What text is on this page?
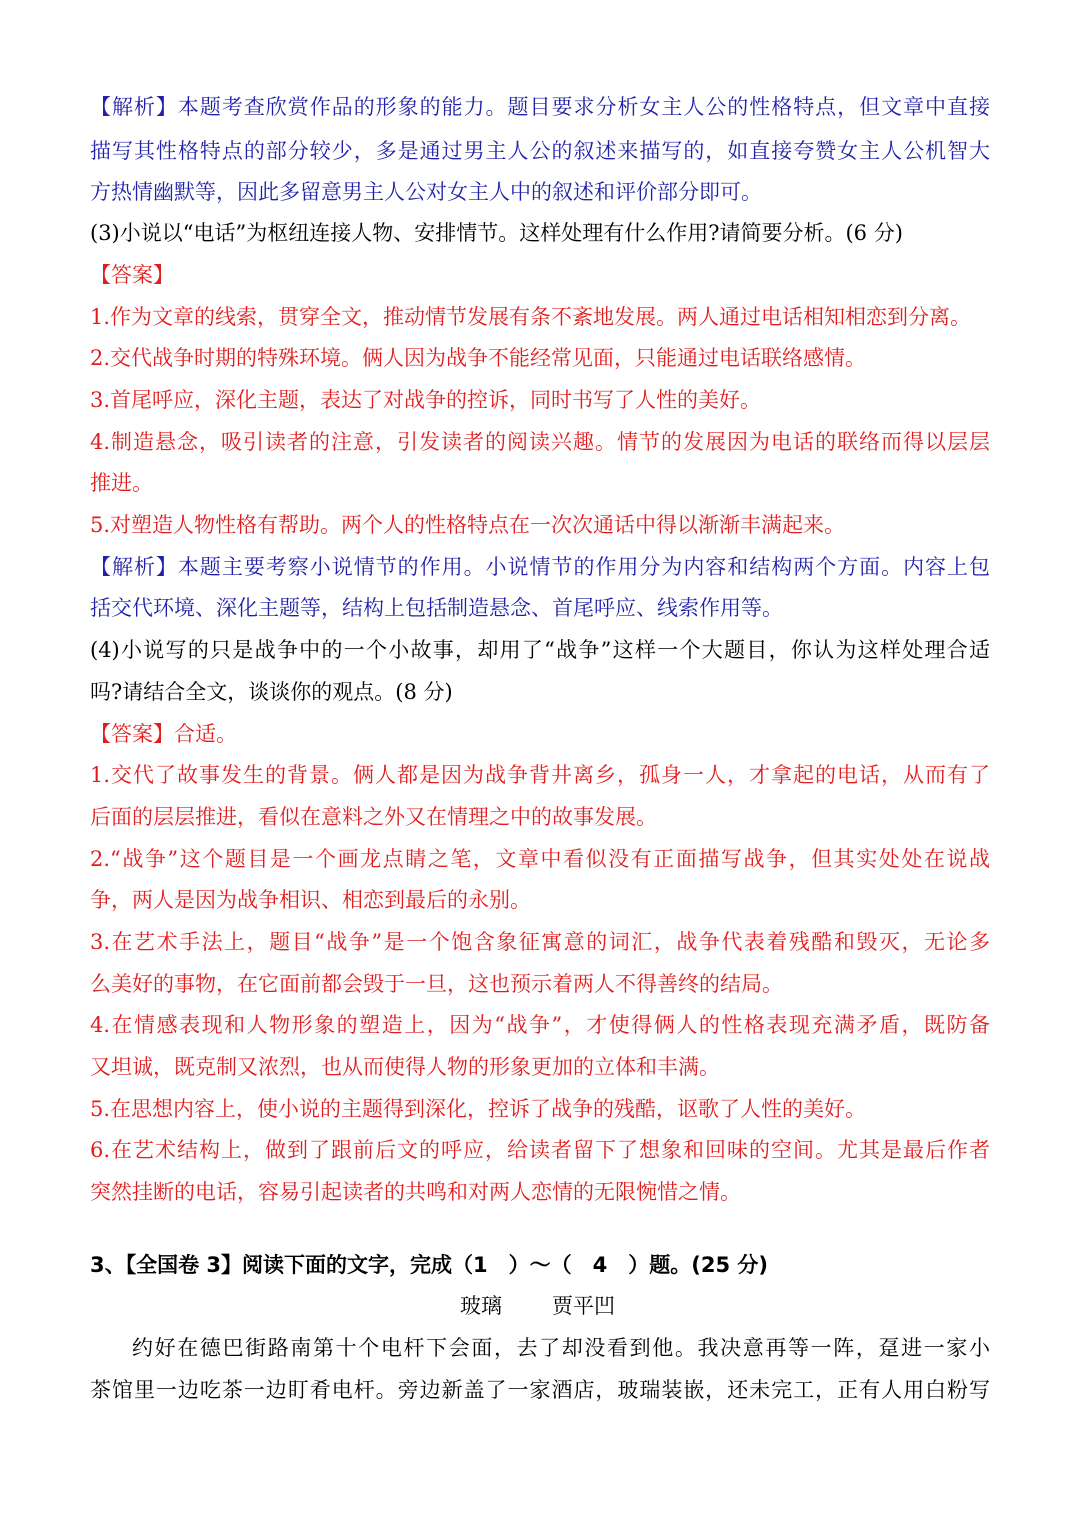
【解析】本题考查欣赏作品的形象的能力。题目要求分析女主人公的性格特点，但文章中直接
描写其性格特点的部分较少，多是通过男主人公的叙述来描写的，如直接夸赞女主人公机智大
方热情幽默等，因此多留意男主人公对女主人中的叙述和评价部分即可。
(3)小说以“电话”为枢纽连接人物、安排情节。这样处理有什么作用?请简要分析。(6 分)
【答案】
1.作为文章的线索，贯穿全文，推动情节发展有条不紊地发展。两人通过电话相知相恋到分离。
2.交代战争时期的特殊环境。俩人因为战争不能经常见面，只能通过电话联络感情。
3.首尾呼应，深化主题，表达了对战争的控诉，同时书写了人性的美好。
4.制造悬念，吸引读者的注意，引发读者的阅读兴趣。情节的发展因为电话的联络而得以层层
推进。
5.对塑造人物性格有帮助。两个人的性格特点在一次次通话中得以渐渐丰满起来。
【解析】本题主要考察小说情节的作用。小说情节的作用分为内容和结构两个方面。内容上包
括交代环境、深化主题等，结构上包括制造悬念、首尾呼应、线索作用等。
(4)小说写的只是战争中的一个小故事，却用了“战争”这样一个大题目，你认为这样处理合适
吗?请结合全文，谈谈你的观点。(8 分)
【答案】合适。
1.交代了故事发生的背景。俩人都是因为战争背井离乡，孤身一人，才拿起的电话，从而有了
后面的层层推进，看似在意料之外又在情理之中的故事发展。
2.“战争”这个题目是一个画龙点睛之笔，文章中看似没有正面描写战争，但其实处处在说战
争，两人是因为战争相识、相恋到最后的永别。
3.在艺术手法上，题目“战争”是一个饱含象征寓意的词汇，战争代表着残酷和毁灭，无论多
么美好的事物，在它面前都会毁于一旦，这也预示着两人不得善终的结局。
4.在情感表现和人物形象的塑造上，因为“战争”，才使得俩人的性格表现充满矛盾，既防备
又坦诚，既克制又浓烈，也从而使得人物的形象更加的立体和丰满。
5.在思想内容上，使小说的主题得到深化，控诉了战争的残酷，讴歌了人性的美好。
6.在艺术结构上，做到了跟前后文的呼应，给读者留下了想象和回味的空间。尤其是最后作者
突然挂断的电话，容易引起读者的共鸣和对两人恋情的无限惋惜之情。
3、【全国卷 3】阅读下面的文字，完成（1　）～（　4　）题。(25 分)
玻璃 贾平凹
约好在德巴街路南第十个电杆下会面，去了却没看到他。我决意再等一阵，趸进一家小
茶馆里一边吃茶一边盯肴电杆。旁边新盖了一家酒店，玻瑞装嵌，还未完工，正有人用白粉写
